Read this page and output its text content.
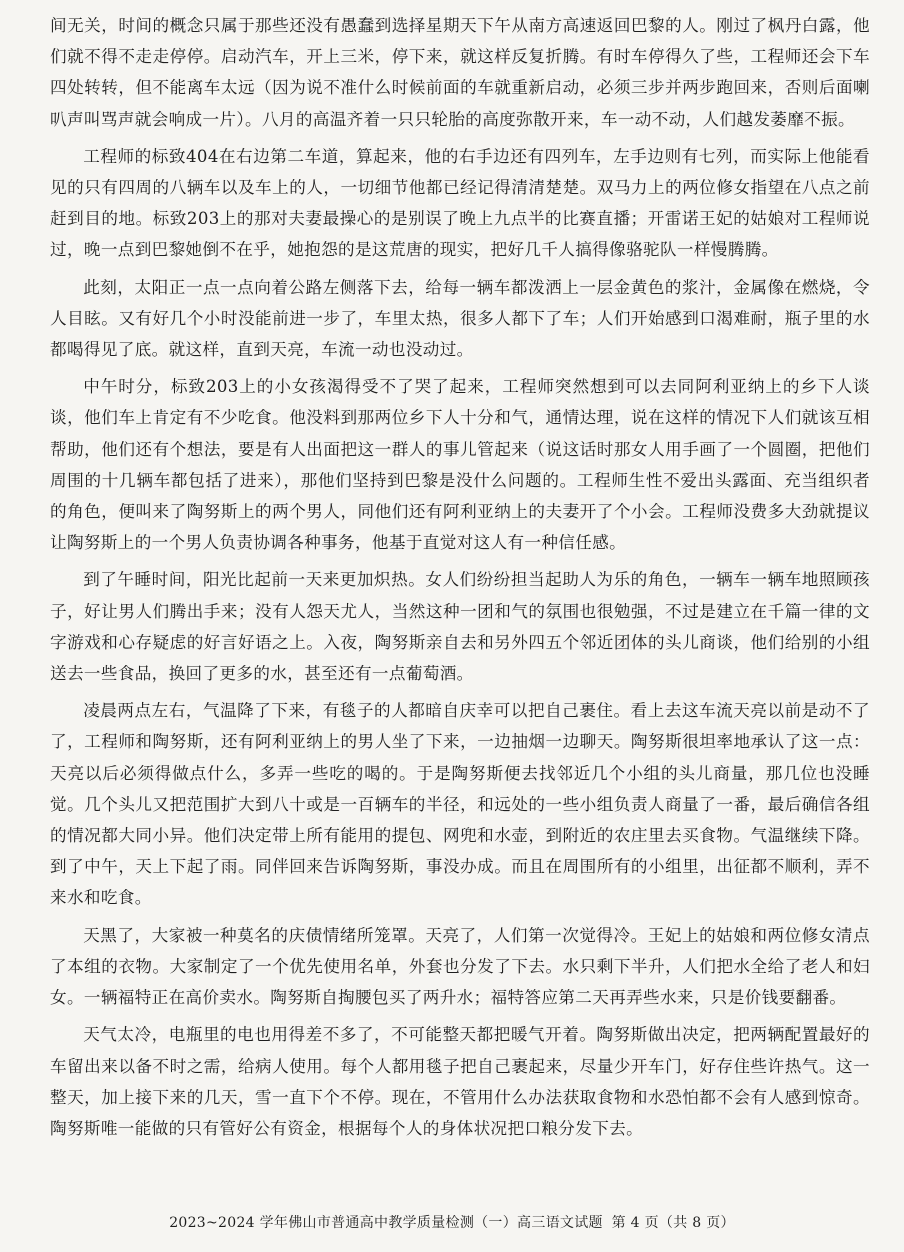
间无关，时间的概念只属于那些还没有愚蠢到选择星期天下午从南方高速返回巴黎的人。刚过了枫丹白露，他们就不得不走走停停。启动汽车，开上三米，停下来，就这样反复折腾。有时车停得久了些，工程师还会下车四处转转，但不能离车太远（因为说不准什么时候前面的车就重新启动，必须三步并两步跑回来，否则后面喇叭声叫骂声就会响成一片）。八月的高温齐着一只只轮胎的高度弥散开来，车一动不动，人们越发萎靡不振。

工程师的标致404在右边第二车道，算起来，他的右手边还有四列车，左手边则有七列，而实际上他能看见的只有四周的八辆车以及车上的人，一切细节他都已经记得清清楚楚。双马力上的两位修女指望在八点之前赶到目的地。标致203上的那对夫妻最操心的是别误了晚上九点半的比赛直播；开雷诺王妃的姑娘对工程师说过，晚一点到巴黎她倒不在乎，她抱怨的是这荒唐的现实，把好几千人搞得像骆驼队一样慢腾腾。

此刻，太阳正一点一点向着公路左侧落下去，给每一辆车都泼洒上一层金黄色的浆汁，金属像在燃烧，令人目眩。又有好几个小时没能前进一步了，车里太热，很多人都下了车；人们开始感到口渴难耐，瓶子里的水都喝得见了底。就这样，直到天亮，车流一动也没动过。

中午时分，标致203上的小女孩渴得受不了哭了起来，工程师突然想到可以去同阿利亚纳上的乡下人谈谈，他们车上肯定有不少吃食。他没料到那两位乡下人十分和气，通情达理，说在这样的情况下人们就该互相帮助，他们还有个想法，要是有人出面把这一群人的事儿管起来（说这话时那女人用手画了一个圆圈，把他们周围的十几辆车都包括了进来），那他们坚持到巴黎是没什么问题的。工程师生性不爱出头露面、充当组织者的角色，便叫来了陶努斯上的两个男人，同他们还有阿利亚纳上的夫妻开了个小会。工程师没费多大劲就提议让陶努斯上的一个男人负责协调各种事务，他基于直觉对这人有一种信任感。

到了午睡时间，阳光比起前一天来更加炽热。女人们纷纷担当起助人为乐的角色，一辆车一辆车地照顾孩子，好让男人们腾出手来；没有人怨天尤人，当然这种一团和气的氛围也很勉强，不过是建立在千篇一律的文字游戏和心存疑虑的好言好语之上。入夜，陶努斯亲自去和另外四五个邻近团体的头儿商谈，他们给别的小组送去一些食品，换回了更多的水，甚至还有一点葡萄酒。

凌晨两点左右，气温降了下来，有毯子的人都暗自庆幸可以把自己裹住。看上去这车流天亮以前是动不了了，工程师和陶努斯，还有阿利亚纳上的男人坐了下来，一边抽烟一边聊天。陶努斯很坦率地承认了这一点：天亮以后必须得做点什么，多弄一些吃的喝的。于是陶努斯便去找邻近几个小组的头儿商量，那几位也没睡觉。几个头儿又把范围扩大到八十或是一百辆车的半径，和远处的一些小组负责人商量了一番，最后确信各组的情况都大同小异。他们决定带上所有能用的提包、网兜和水壶，到附近的农庄里去买食物。气温继续下降。到了中午，天上下起了雨。同伴回来告诉陶努斯，事没办成。而且在周围所有的小组里，出征都不顺利，弄不来水和吃食。

天黑了，大家被一种莫名的庆债情绪所笼罩。天亮了，人们第一次觉得冷。王妃上的姑娘和两位修女清点了本组的衣物。大家制定了一个优先使用名单，外套也分发了下去。水只剩下半升，人们把水全给了老人和妇女。一辆福特正在高价卖水。陶努斯自掏腰包买了两升水；福特答应第二天再弄些水来，只是价钱要翻番。

天气太冷，电瓶里的电也用得差不多了，不可能整天都把暖气开着。陶努斯做出决定，把两辆配置最好的车留出来以备不时之需，给病人使用。每个人都用毯子把自己裹起来，尽量少开车门，好存住些许热气。这一整天，加上接下来的几天，雪一直下个不停。现在，不管用什么办法获取食物和水恐怕都不会有人感到惊奇。陶努斯唯一能做的只有管好公有资金，根据每个人的身体状况把口粮分发下去。

2023~2024 学年佛山市普通高中教学质量检测（一）高三语文试题 第 4 页（共 8 页）
